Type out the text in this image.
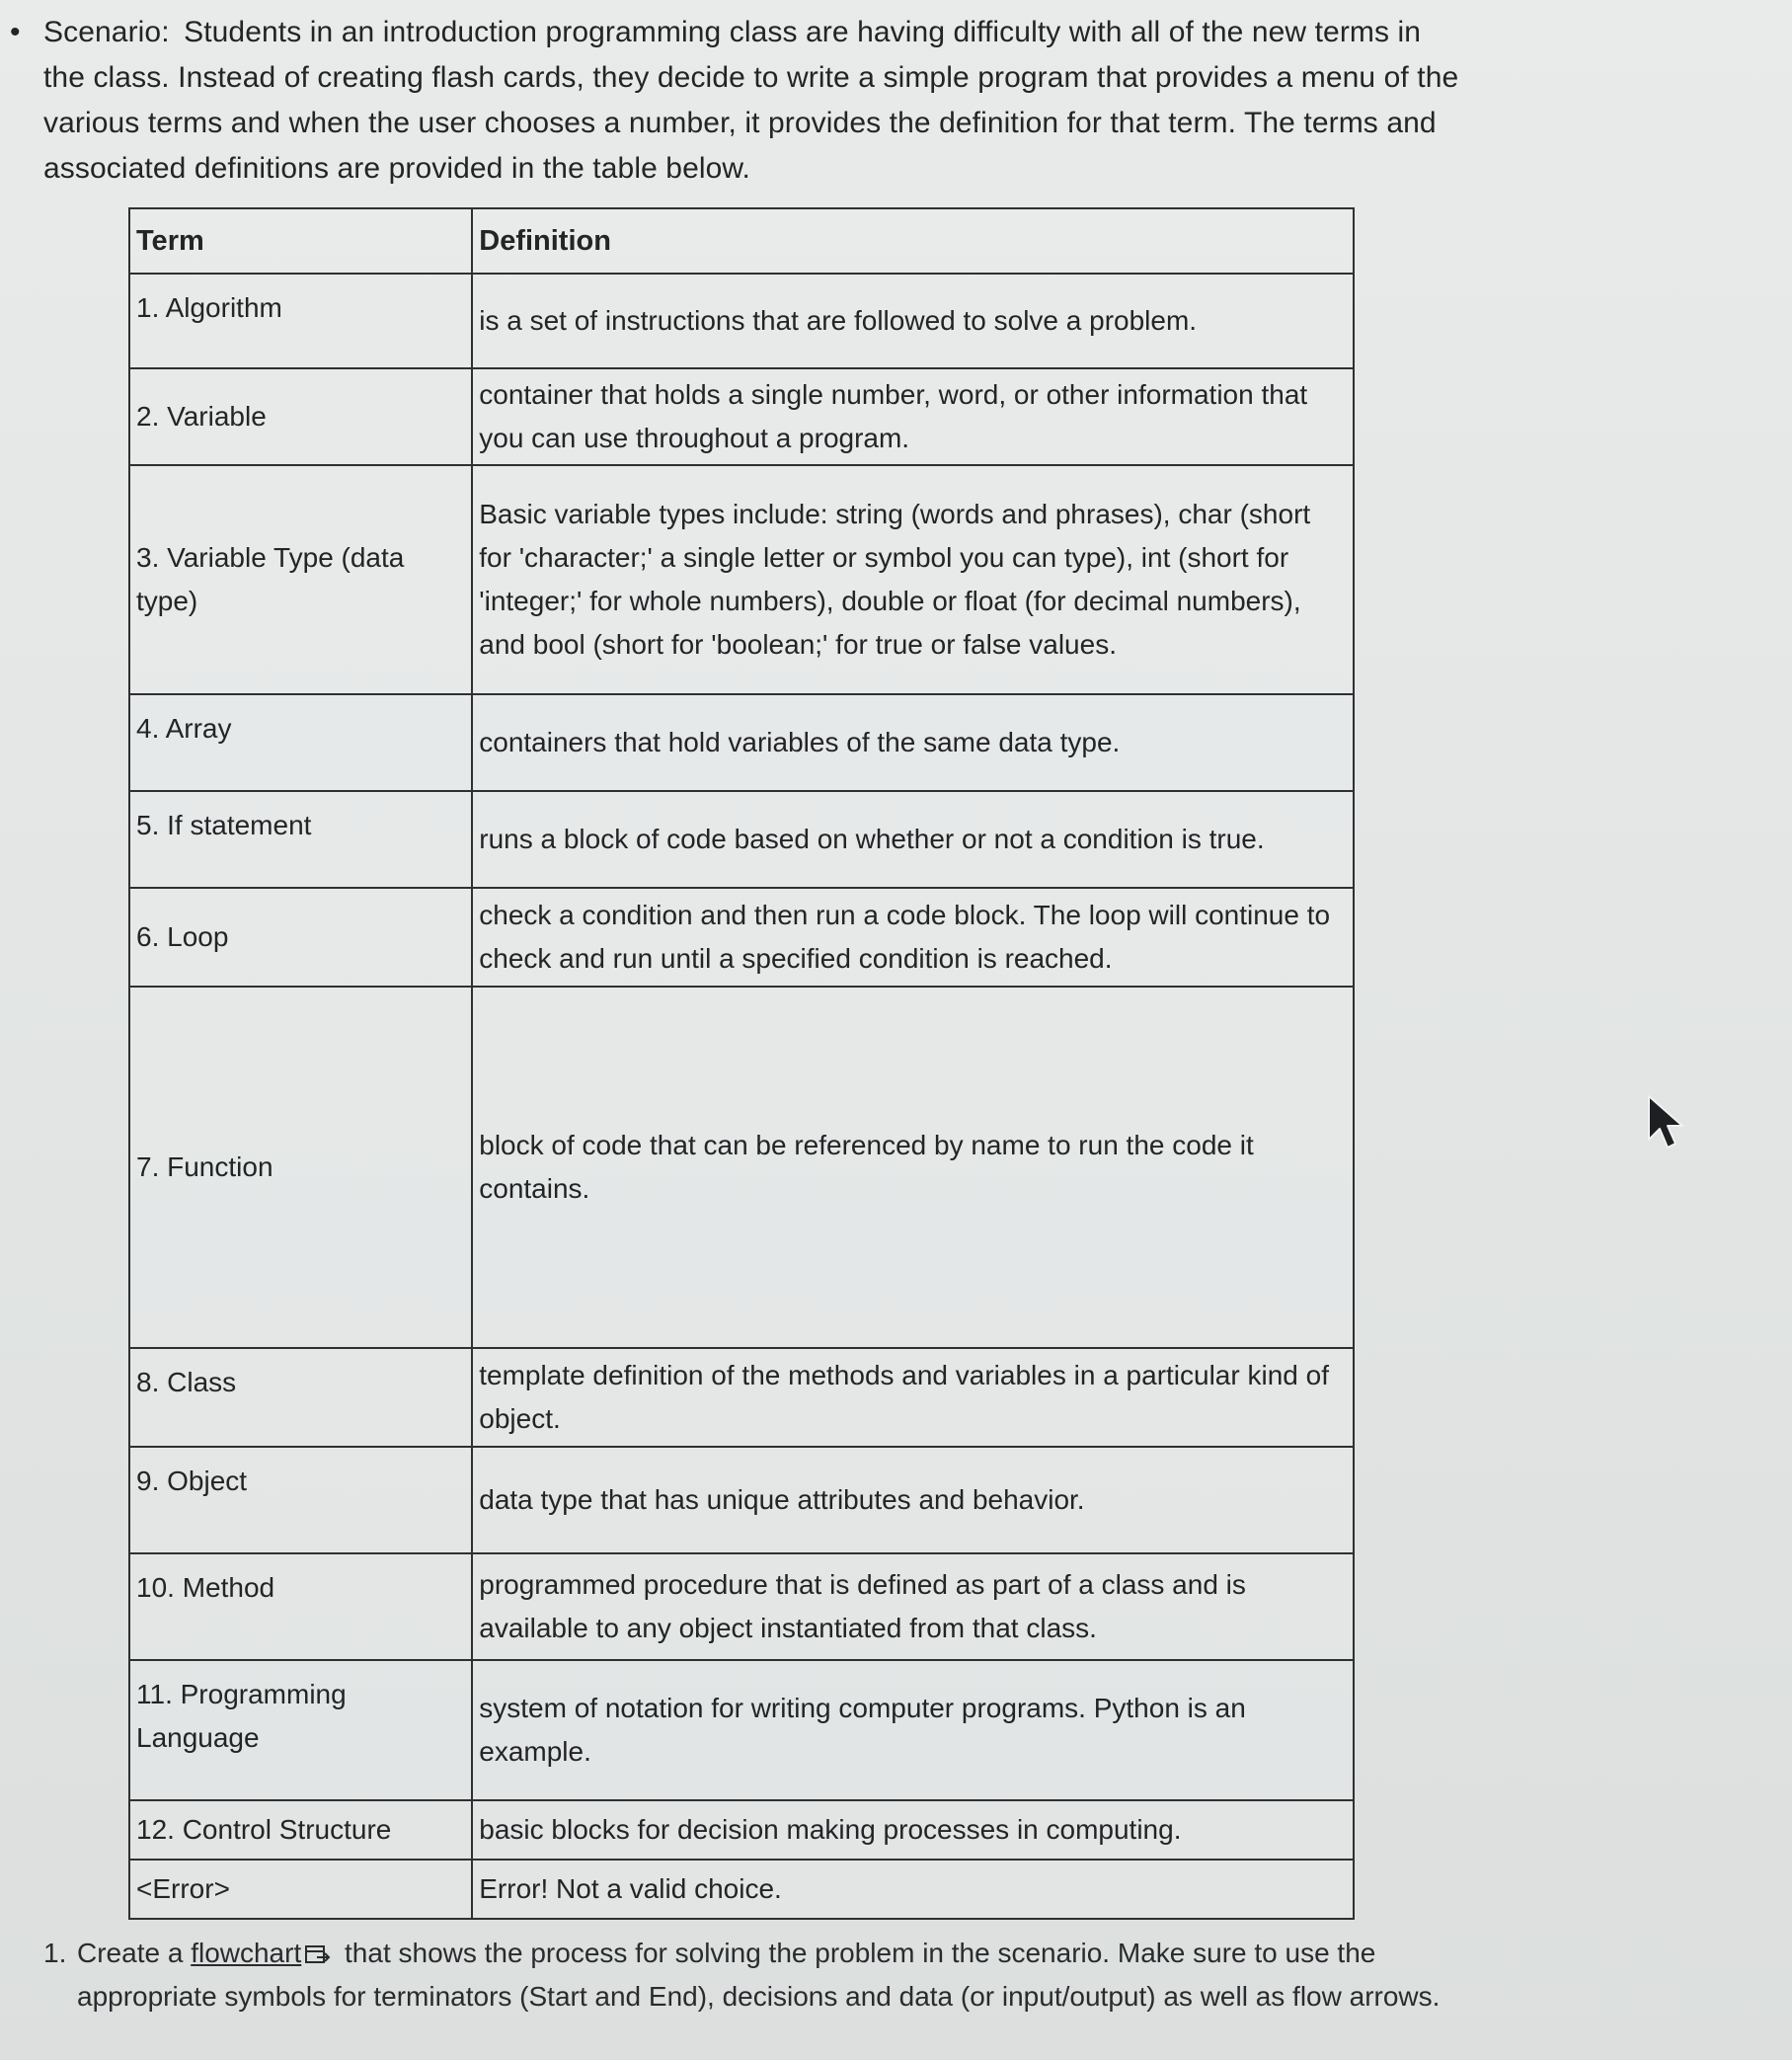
• Scenario: Students in an introduction programming class are having difficulty with all of the new terms in the class. Instead of creating flash cards, they decide to write a simple program that provides a menu of the various terms and when the user chooses a number, it provides the definition for that term. The terms and associated definitions are provided in the table below.
Term	Definition
1. Algorithm	is a set of instructions that are followed to solve a problem.
2. Variable	container that holds a single number, word, or other information that you can use throughout a program.
3. Variable Type (data type)	Basic variable types include: string (words and phrases), char (short for 'character;' a single letter or symbol you can type), int (short for 'integer;' for whole numbers), double or float (for decimal numbers), and bool (short for 'boolean;' for true or false values.
4. Array	containers that hold variables of the same data type.
5. If statement	runs a block of code based on whether or not a condition is true.
6. Loop	check a condition and then run a code block. The loop will continue to check and run until a specified condition is reached.
7. Function	block of code that can be referenced by name to run the code it contains.
8. Class	template definition of the methods and variables in a particular kind of object.
9. Object	data type that has unique attributes and behavior.
10. Method	programmed procedure that is defined as part of a class and is available to any object instantiated from that class.
11. Programming Language	system of notation for writing computer programs. Python is an example.
12. Control Structure	basic blocks for decision making processes in computing.
<Error>	Error! Not a valid choice.
1. Create a flowchart that shows the process for solving the problem in the scenario. Make sure to use the appropriate symbols for terminators (Start and End), decisions and data (or input/output) as well as flow arrows.
